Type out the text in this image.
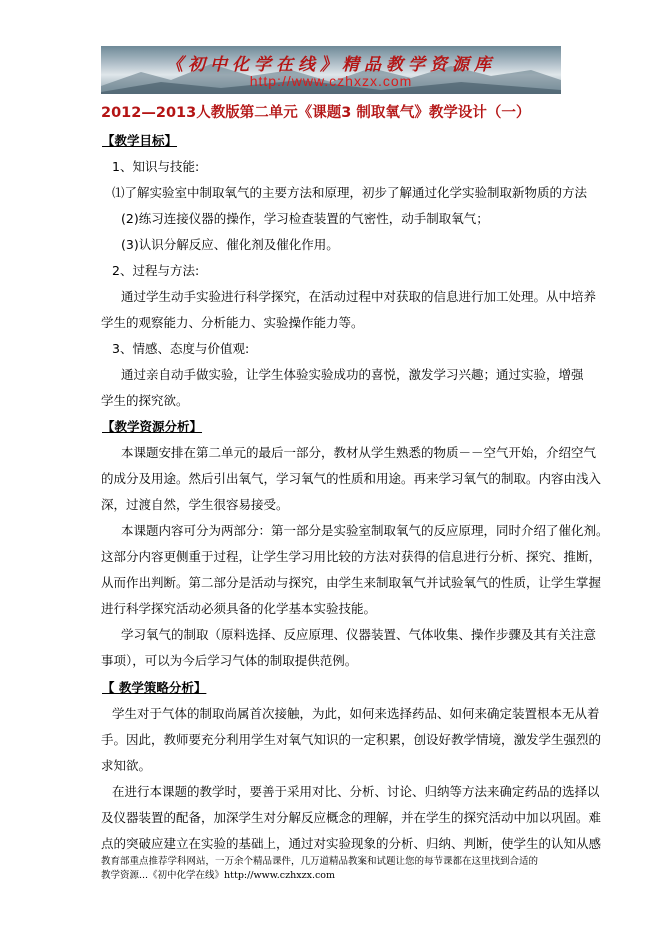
《初中化学在线》精品教学资源库
http://www.czhxzx.com
2012—2013人教版第二单元《课题3 制取氧气》教学设计（一）
【教学目标】
1、知识与技能:
⑴了解实验室中制取氧气的主要方法和原理，初步了解通过化学实验制取新物质的方法
(2)练习连接仪器的操作，学习检查装置的气密性，动手制取氧气；
(3)认识分解反应、催化剂及催化作用。
2、过程与方法:
通过学生动手实验进行科学探究，在活动过程中对获取的信息进行加工处理。从中培养
学生的观察能力、分析能力、实验操作能力等。
3、情感、态度与价值观:
通过亲自动手做实验，让学生体验实验成功的喜悦，激发学习兴趣；通过实验，增强
学生的探究欲。
【教学资源分析】
本课题安排在第二单元的最后一部分，教材从学生熟悉的物质－－空气开始，介绍空气
的成分及用途。然后引出氧气，学习氧气的性质和用途。再来学习氧气的制取。内容由浅入
深，过渡自然，学生很容易接受。
本课题内容可分为两部分：第一部分是实验室制取氧气的反应原理，同时介绍了催化剂。
这部分内容更侧重于过程，让学生学习用比较的方法对获得的信息进行分析、探究、推断，
从而作出判断。第二部分是活动与探究，由学生来制取氧气并试验氧气的性质，让学生掌握
进行科学探究活动必须具备的化学基本实验技能。
学习氧气的制取（原料选择、反应原理、仪器装置、气体收集、操作步骤及其有关注意
事项），可以为今后学习气体的制取提供范例。
【 教学策略分析】
学生对于气体的制取尚属首次接触，为此，如何来选择药品、如何来确定装置根本无从着
手。因此，教师要充分利用学生对氧气知识的一定积累，创设好教学情境，激发学生强烈的
求知欲。
在进行本课题的教学时，要善于采用对比、分析、讨论、归纳等方法来确定药品的选择以
及仪器装置的配备，加深学生对分解反应概念的理解，并在学生的探究活动中加以巩固。难
点的突破应建立在实验的基础上，通过对实验现象的分析、归纳、判断，使学生的认知从感
教育部重点推荐学科网站，一万余个精品课件，几万道精品教案和试题让您的每节课都在这里找到合适的
教学资源...《初中化学在线》http://www.czhxzx.com
